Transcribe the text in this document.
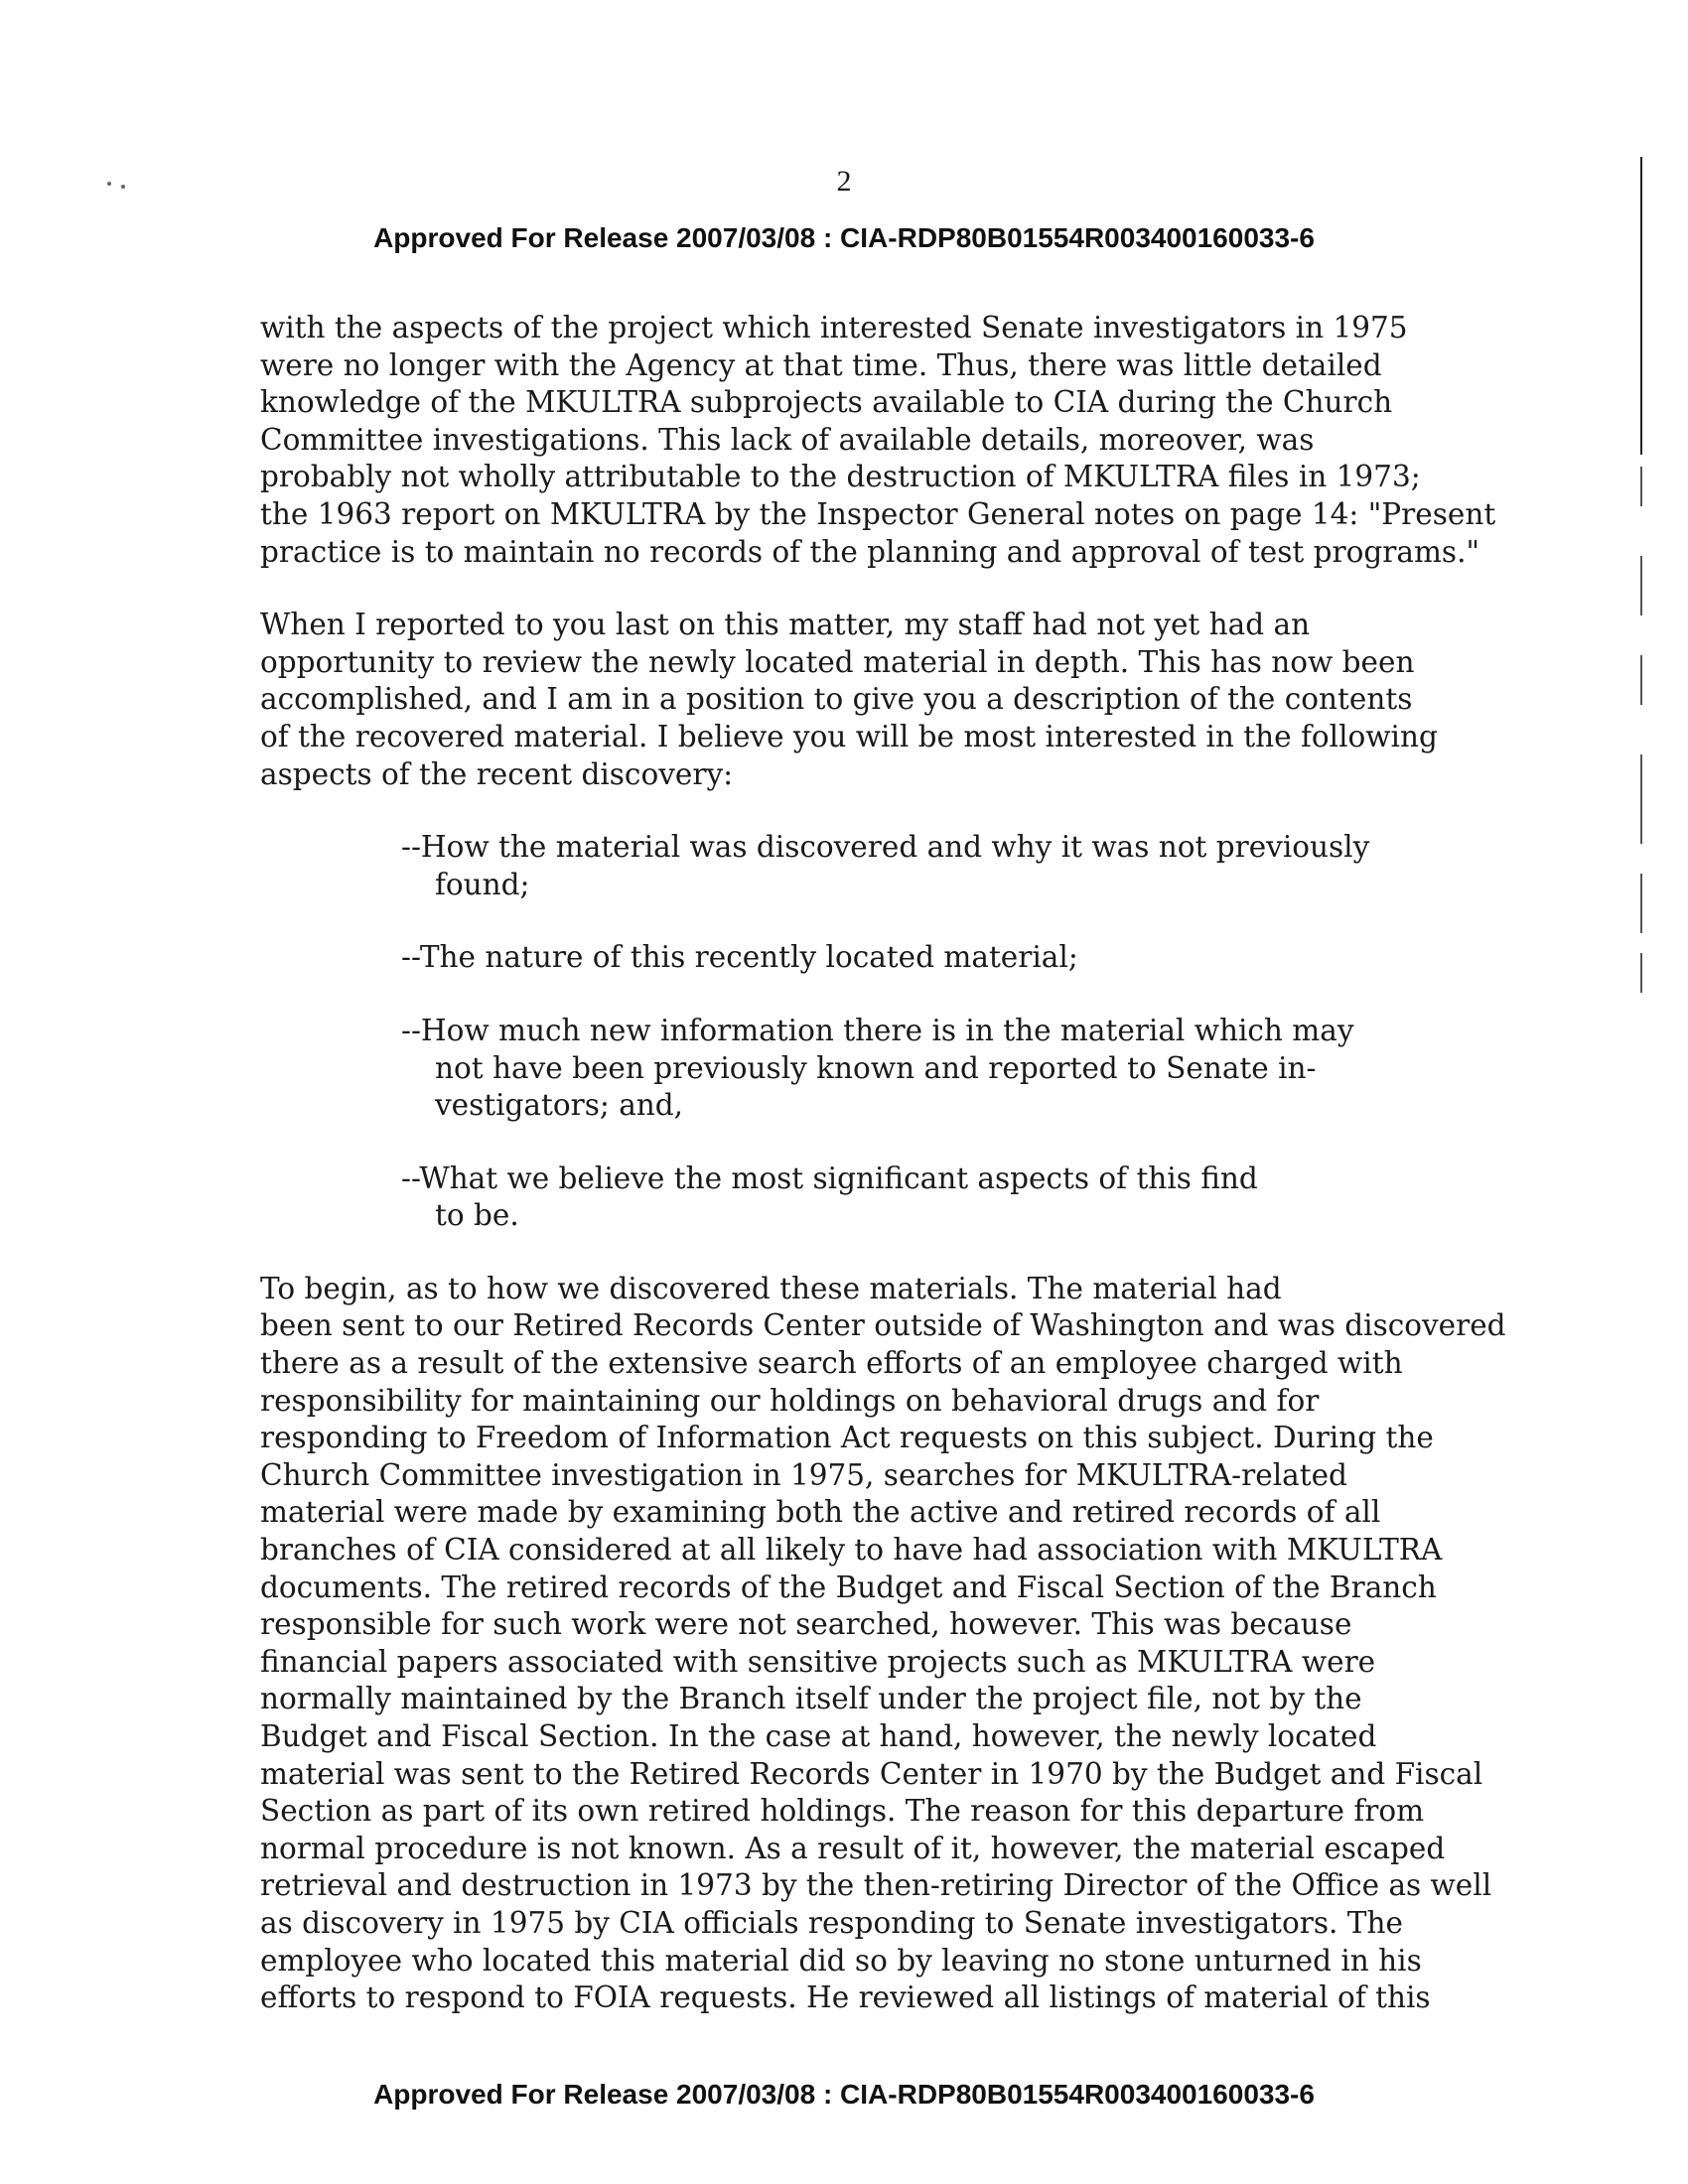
2
Approved For Release 2007/03/08 : CIA-RDP80B01554R003400160033-6

with the aspects of the project which interested Senate investigators in 1975
were no longer with the Agency at that time. Thus, there was little detailed
knowledge of the MKULTRA subprojects available to CIA during the Church
Committee investigations. This lack of available details, moreover, was
probably not wholly attributable to the destruction of MKULTRA files in 1973;
the 1963 report on MKULTRA by the Inspector General notes on page 14: "Present
practice is to maintain no records of the planning and approval of test programs."

When I reported to you last on this matter, my staff had not yet had an
opportunity to review the newly located material in depth. This has now been
accomplished, and I am in a position to give you a description of the contents
of the recovered material. I believe you will be most interested in the following
aspects of the recent discovery:

--How the material was discovered and why it was not previously
found;

--The nature of this recently located material;

--How much new information there is in the material which may
not have been previously known and reported to Senate in-
vestigators; and,

--What we believe the most significant aspects of this find
to be.

To begin, as to how we discovered these materials. The material had
been sent to our Retired Records Center outside of Washington and was discovered
there as a result of the extensive search efforts of an employee charged with
responsibility for maintaining our holdings on behavioral drugs and for
responding to Freedom of Information Act requests on this subject. During the
Church Committee investigation in 1975, searches for MKULTRA-related
material were made by examining both the active and retired records of all
branches of CIA considered at all likely to have had association with MKULTRA
documents. The retired records of the Budget and Fiscal Section of the Branch
responsible for such work were not searched, however. This was because
financial papers associated with sensitive projects such as MKULTRA were
normally maintained by the Branch itself under the project file, not by the
Budget and Fiscal Section. In the case at hand, however, the newly located
material was sent to the Retired Records Center in 1970 by the Budget and Fiscal
Section as part of its own retired holdings. The reason for this departure from
normal procedure is not known. As a result of it, however, the material escaped
retrieval and destruction in 1973 by the then-retiring Director of the Office as well
as discovery in 1975 by CIA officials responding to Senate investigators. The
employee who located this material did so by leaving no stone unturned in his
efforts to respond to FOIA requests. He reviewed all listings of material of this

Approved For Release 2007/03/08 : CIA-RDP80B01554R003400160033-6
